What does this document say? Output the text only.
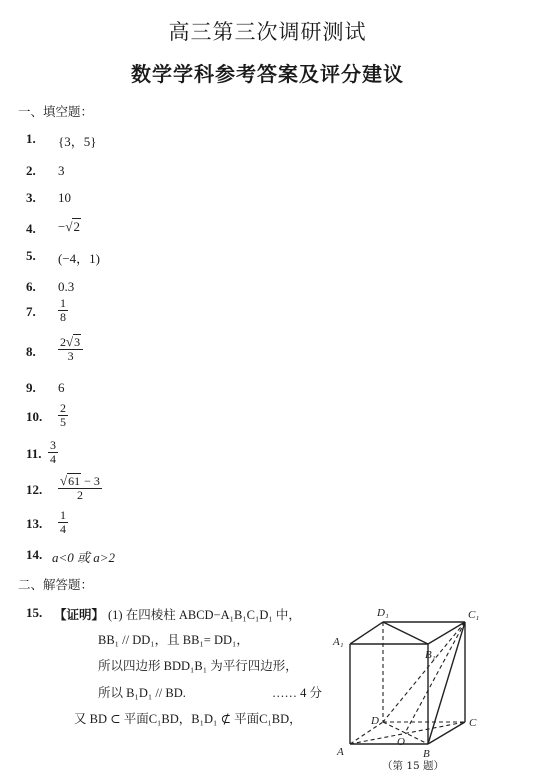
高三第三次调研测试
数学学科参考答案及评分建议
一、填空题：
1. {3，5}
2. 3
3. 10
4. −√2
5. (−4，1)
6. 0.3
7. $\frac{1}{8}$
8. $\frac{2√3}{3}$
9. 6
10. $\frac{2}{5}$
11. $\frac{3}{4}$
12. $\frac{√61 - 3}{2}$
13. $\frac{1}{4}$
14. a<0 或 a>2
二、解答题：
15. 【证明】 (1) 在四棱柱 ABCD−A₁B₁C₁D₁ 中，
BB₁ // DD₁，且 BB₁= DD₁，
所以四边形 BDD₁B₁ 为平行四边形，
所以 B₁D₁ // BD.	…… 4 分
又 BD ⊂ 平面C₁BD，B₁D₁ ⊄ 平面C₁BD，
D₁	C₁
A₁
B₁
D	C
A
O
B
（第 15 题）
